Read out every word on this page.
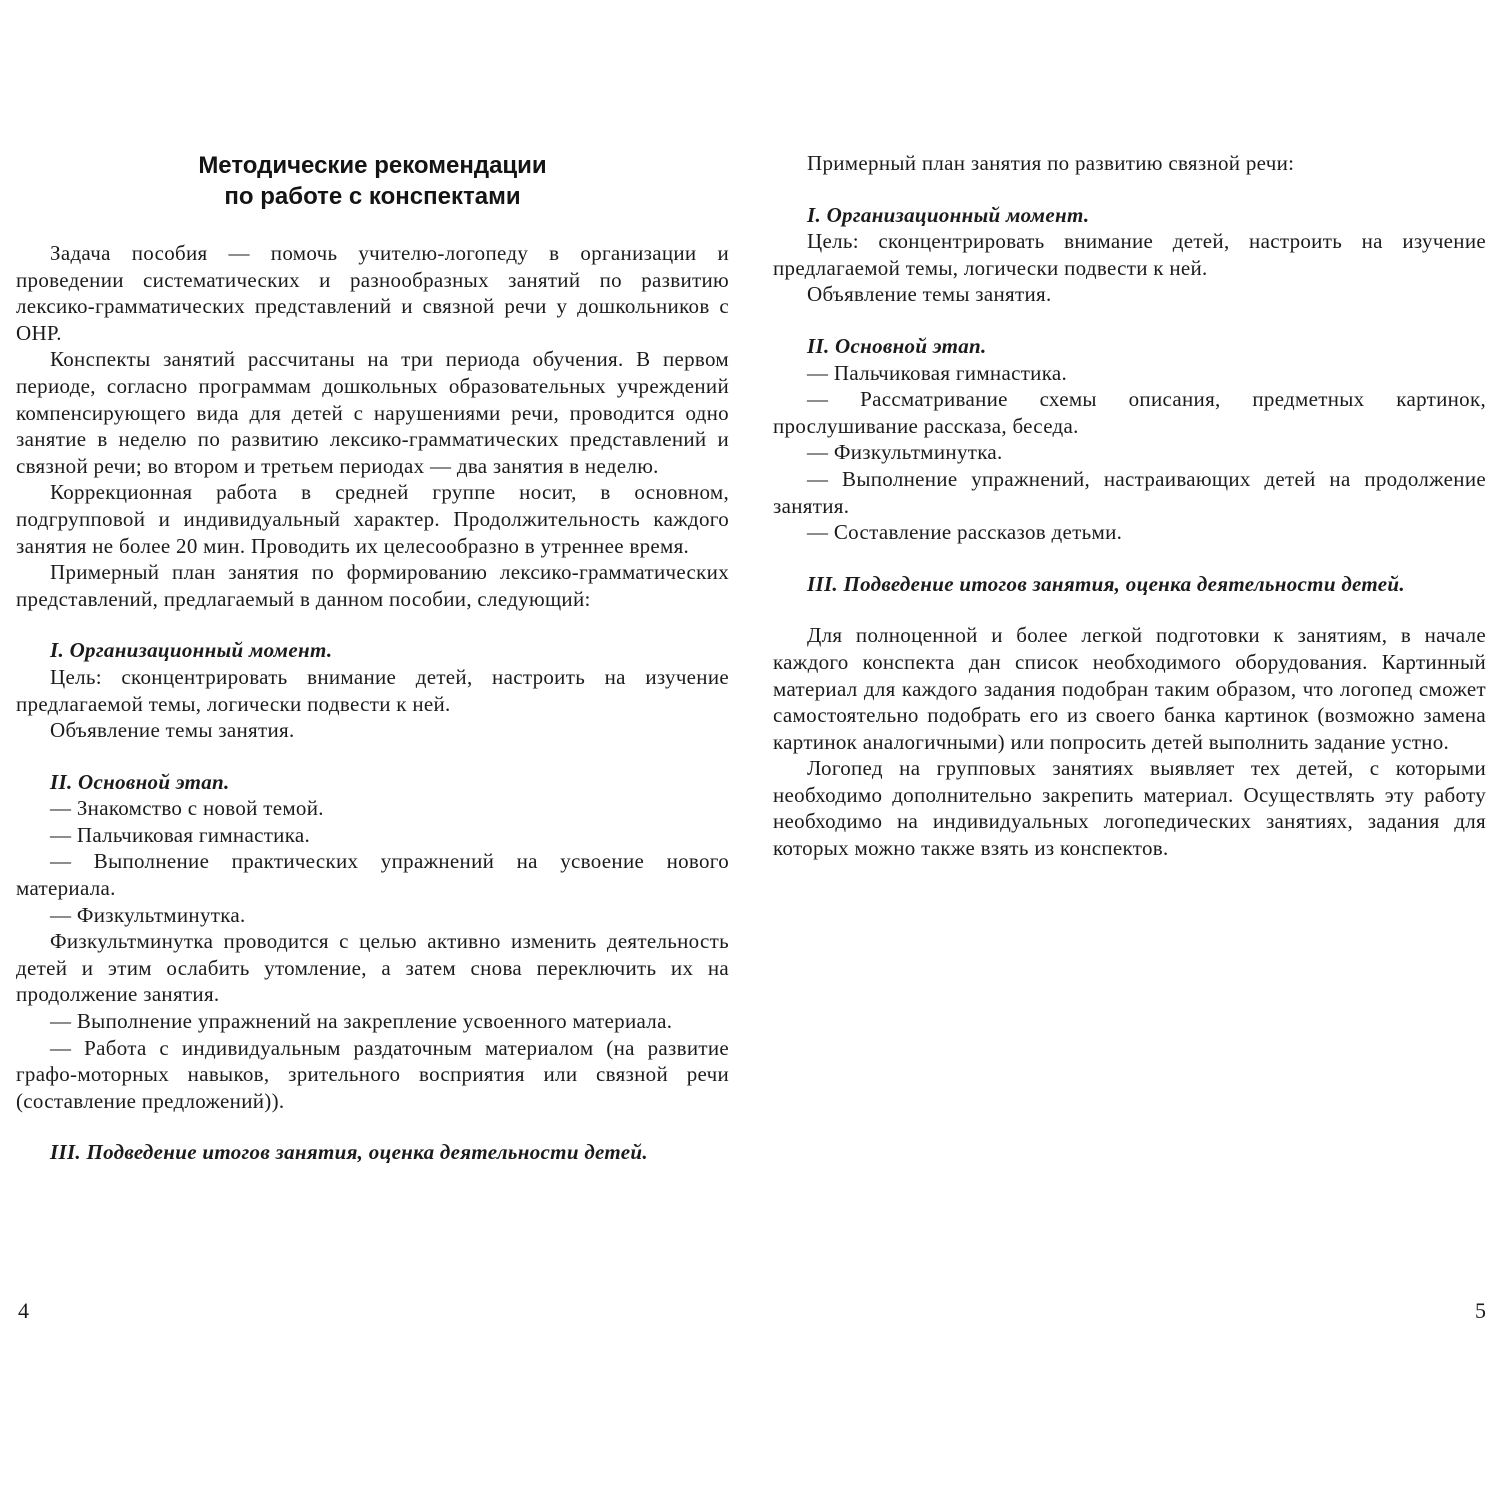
Методические рекомендации
по работе с конспектами

Задача пособия — помочь учителю-логопеду в организации и проведении систематических и разнообразных занятий по развитию лексико-грамматических представлений и связной речи у дошкольников с ОНР.

Конспекты занятий рассчитаны на три периода обучения. В первом периоде, согласно программам дошкольных образовательных учреждений компенсирующего вида для детей с нарушениями речи, проводится одно занятие в неделю по развитию лексико-грамматических представлений и связной речи; во втором и третьем периодах — два занятия в неделю.

Коррекционная работа в средней группе носит, в основном, подгрупповой и индивидуальный характер. Продолжительность каждого занятия не более 20 мин. Проводить их целесообразно в утреннее время.

Примерный план занятия по формированию лексико-грамматических представлений, предлагаемый в данном пособии, следующий:

I. Организационный момент.

Цель: сконцентрировать внимание детей, настроить на изучение предлагаемой темы, логически подвести к ней.

Объявление темы занятия.

II. Основной этап.

— Знакомство с новой темой.

— Пальчиковая гимнастика.

— Выполнение практических упражнений на усвоение нового материала.

— Физкультминутка.

Физкультминутка проводится с целью активно изменить деятельность детей и этим ослабить утомление, а затем снова переключить их на продолжение занятия.

— Выполнение упражнений на закрепление усвоенного материала.

— Работа с индивидуальным раздаточным материалом (на развитие графо-моторных навыков, зрительного восприятия или связной речи (составление предложений)).

III. Подведение итогов занятия, оценка деятельности детей.

Примерный план занятия по развитию связной речи:

I. Организационный момент.

Цель: сконцентрировать внимание детей, настроить на изучение предлагаемой темы, логически подвести к ней.

Объявление темы занятия.

II. Основной этап.

— Пальчиковая гимнастика.

— Рассматривание схемы описания, предметных картинок, прослушивание рассказа, беседа.

— Физкультминутка.

— Выполнение упражнений, настраивающих детей на продолжение занятия.

— Составление рассказов детьми.

III. Подведение итогов занятия, оценка деятельности детей.

Для полноценной и более легкой подготовки к занятиям, в начале каждого конспекта дан список необходимого оборудования. Картинный материал для каждого задания подобран таким образом, что логопед сможет самостоятельно подобрать его из своего банка картинок (возможно замена картинок аналогичными) или попросить детей выполнить задание устно.

Логопед на групповых занятиях выявляет тех детей, с которыми необходимо дополнительно закрепить материал. Осуществлять эту работу необходимо на индивидуальных логопедических занятиях, задания для которых можно также взять из конспектов.

4	5
